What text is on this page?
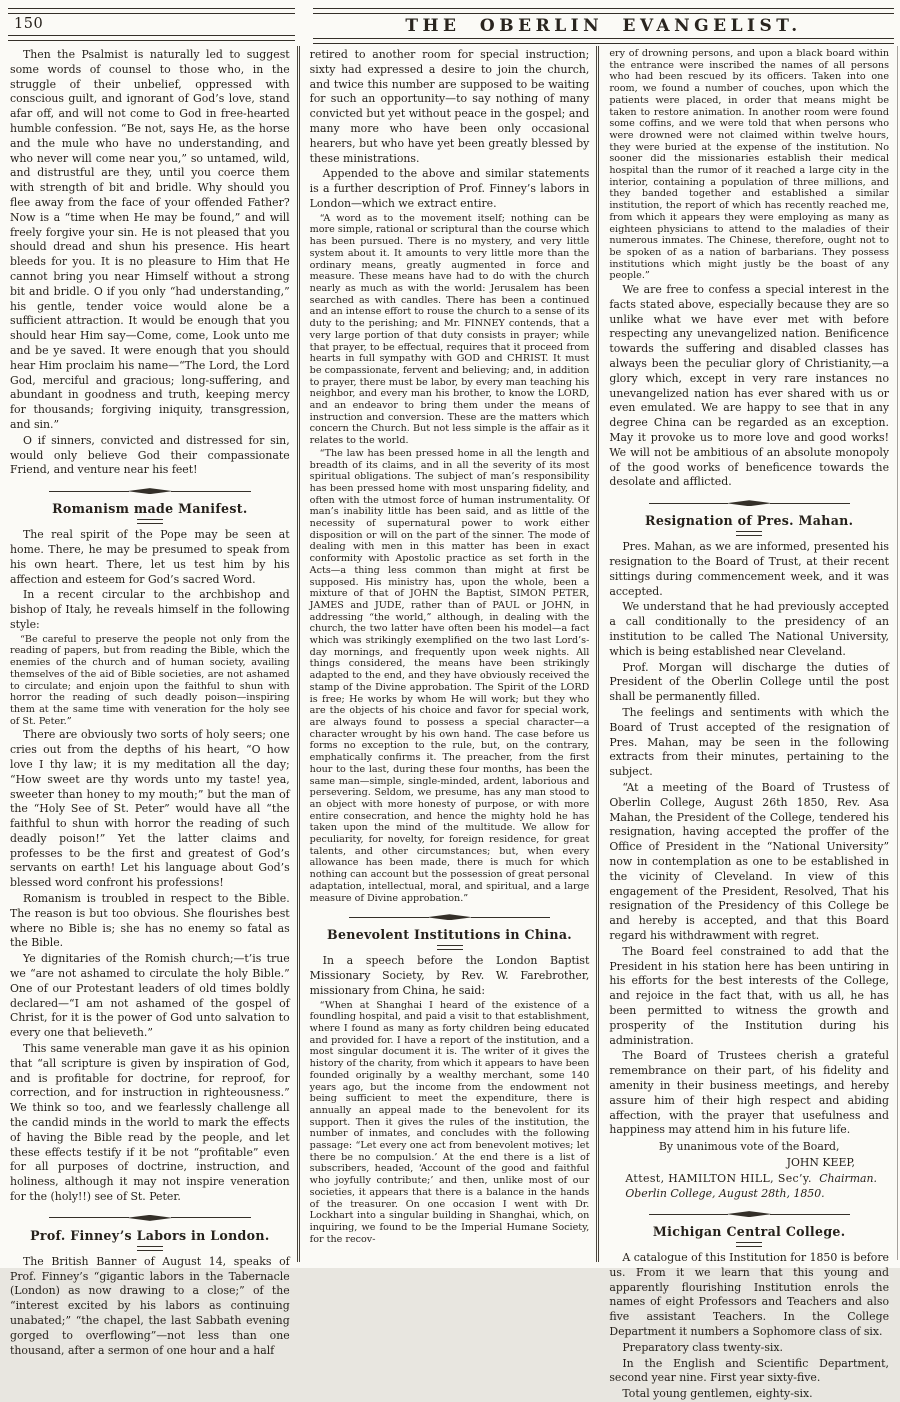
150	THE OBERLIN EVANGELIST.

Then the Psalmist is naturally led to suggest some words of counsel to those who, in the struggle of their unbelief, oppressed with conscious guilt, and ignorant of God’s love, stand afar off, and will not come to God in free-hearted humble confession. “Be not, says He, as the horse and the mule who have no understanding, and who never will come near you,” so untamed, wild, and distrustful are they, until you coerce them with strength of bit and bridle. Why should you flee away from the face of your offended Father? Now is a “time when He may be found,” and will freely forgive your sin. He is not pleased that you should dread and shun his presence. His heart bleeds for you. It is no pleasure to Him that He cannot bring you near Himself without a strong bit and bridle. O if you only “had understanding,” his gentle, tender voice would alone be a sufficient attraction. It would be enough that you should hear Him say—Come, come, Look unto me and be ye saved. It were enough that you should hear Him proclaim his name—“The Lord, the Lord God, merciful and gracious; long-suffering, and abundant in goodness and truth, keeping mercy for thousands; forgiving iniquity, transgression, and sin.”

O if sinners, convicted and distressed for sin, would only believe God their compassionate Friend, and venture near his feet!

Romanism made Manifest.

The real spirit of the Pope may be seen at home. There, he may be presumed to speak from his own heart. There, let us test him by his affection and esteem for God’s sacred Word.

In a recent circular to the archbishop and bishop of Italy, he reveals himself in the following style:

“Be careful to preserve the people not only from the reading of papers, but from reading the Bible, which the enemies of the church and of human society, availing themselves of the aid of Bible societies, are not ashamed to circulate; and enjoin upon the faithful to shun with horror the reading of such deadly poison—inspiring them at the same time with veneration for the holy see of St. Peter.”

There are obviously two sorts of holy seers; one cries out from the depths of his heart, “O how love I thy law; it is my meditation all the day; “How sweet are thy words unto my taste! yea, sweeter than honey to my mouth;” but the man of the “Holy See of St. Peter” would have all “the faithful to shun with horror the reading of such deadly poison!” Yet the latter claims and professes to be the first and greatest of God’s servants on earth! Let his language about God’s blessed word confront his professions!

Romanism is troubled in respect to the Bible. The reason is but too obvious. She flourishes best where no Bible is; she has no enemy so fatal as the Bible.

Ye dignitaries of the Romish church;—t’is true we “are not ashamed to circulate the holy Bible.” One of our Protestant leaders of old times boldly declared—“I am not ashamed of the gospel of Christ, for it is the power of God unto salvation to every one that believeth.”

This same venerable man gave it as his opinion that “all scripture is given by inspiration of God, and is profitable for doctrine, for reproof, for correction, and for instruction in righteousness.” We think so too, and we fearlessly challenge all the candid minds in the world to mark the effects of having the Bible read by the people, and let these effects testify if it be not “profitable” even for all purposes of doctrine, instruction, and holiness, although it may not inspire veneration for the (holy!!) see of St. Peter.

Prof. Finney’s Labors in London.

The British Banner of August 14, speaks of Prof. Finney’s “gigantic labors in the Tabernacle (London) as now drawing to a close;” of the “interest excited by his labors as continuing unabated;” “the chapel, the last Sabbath evening gorged to overflowing”—not less than one thousand, after a sermon of one hour and a half

retired to another room for special instruction; sixty had expressed a desire to join the church, and twice this number are supposed to be waiting for such an opportunity—to say nothing of many convicted but yet without peace in the gospel; and many more who have been only occasional hearers, but who have yet been greatly blessed by these ministrations.

Appended to the above and similar statements is a further description of Prof. Finney’s labors in London—which we extract entire.

“A word as to the movement itself; nothing can be more simple, rational or scriptural than the course which has been pursued. There is no mystery, and very little system about it. It amounts to very little more than the ordinary means, greatly augmented in force and measure. These means have had to do with the church nearly as much as with the world: Jerusalem has been searched as with candles. There has been a continued and an intense effort to rouse the church to a sense of its duty to the perishing; and Mr. FINNEY contends, that a very large portion of that duty consists in prayer; while that prayer, to be effectual, requires that it proceed from hearts in full sympathy with GOD and CHRIST. It must be compassionate, fervent and believing; and, in addition to prayer, there must be labor, by every man teaching his neighbor, and every man his brother, to know the LORD, and an endeavor to bring them under the means of instruction and conversion. These are the matters which concern the Church. But not less simple is the affair as it relates to the world.

“The law has been pressed home in all the length and breadth of its claims, and in all the severity of its most spiritual obligations. The subject of man’s responsibility has been pressed home with most unsparing fidelity, and often with the utmost force of human instrumentality. Of man’s inability little has been said, and as little of the necessity of supernatural power to work either disposition or will on the part of the sinner. The mode of dealing with men in this matter has been in exact conformity with Apostolic practice as set forth in the Acts—a thing less common than might at first be supposed. His ministry has, upon the whole, been a mixture of that of JOHN the Baptist, SIMON PETER, JAMES and JUDE, rather than of PAUL or JOHN, in addressing “the world,” although, in dealing with the church, the two latter have often been his model—a fact which was strikingly exemplified on the two last Lord’s-day mornings, and frequently upon week nights. All things considered, the means have been strikingly adapted to the end, and they have obviously received the stamp of the Divine approbation. The Spirit of the LORD is free; He works by whom He will work; but they who are the objects of his choice and favor for special work, are always found to possess a special character—a character wrought by his own hand. The case before us forms no exception to the rule, but, on the contrary, emphatically confirms it. The preacher, from the first hour to the last, during these four months, has been the same man—simple, single-minded, ardent, laborious and persevering. Seldom, we presume, has any man stood to an object with more honesty of purpose, or with more entire consecration, and hence the mighty hold he has taken upon the mind of the multitude. We allow for peculiarity, for novelty, for foreign residence, for great talents, and other circumstances; but, when every allowance has been made, there is much for which nothing can account but the possession of great personal adaptation, intellectual, moral, and spiritual, and a large measure of Divine approbation.”

Benevolent Institutions in China.

In a speech before the London Baptist Missionary Society, by Rev. W. Farebrother, missionary from China, he said:

“When at Shanghai I heard of the existence of a foundling hospital, and paid a visit to that establishment, where I found as many as forty children being educated and provided for. I have a report of the institution, and a most singular document it is. The writer of it gives the history of the charity, from which it appears to have been founded originally by a wealthy merchant, some 140 years ago, but the income from the endowment not being sufficient to meet the expenditure, there is annually an appeal made to the benevolent for its support. Then it gives the rules of the institution, the number of inmates, and concludes with the following passage: “Let every one act from benevolent motives; let there be no compulsion.’ At the end there is a list of subscribers, headed, ‘Account of the good and faithful who joyfully contribute;’ and then, unlike most of our societies, it appears that there is a balance in the hands of the treasurer. On one occasion I went with Dr. Lockhart into a singular building in Shanghai, which, on inquiring, we found to be the Imperial Humane Society, for the recov-

ery of drowning persons, and upon a black board within the entrance were inscribed the names of all persons who had been rescued by its officers. Taken into one room, we found a number of couches, upon which the patients were placed, in order that means might be taken to restore animation. In another room were found some coffins, and we were told that when persons who were drowned were not claimed within twelve hours, they were buried at the expense of the institution. No sooner did the missionaries establish their medical hospital than the rumor of it reached a large city in the interior, containing a population of three millions, and they banded together and established a similar institution, the report of which has recently reached me, from which it appears they were employing as many as eighteen physicians to attend to the maladies of their numerous inmates. The Chinese, therefore, ought not to be spoken of as a nation of barbarians. They possess institutions which might justly be the boast of any people.”

We are free to confess a special interest in the facts stated above, especially because they are so unlike what we have ever met with before respecting any unevangelized nation. Benificence towards the suffering and disabled classes has always been the peculiar glory of Christianity,—a glory which, except in very rare instances no unevangelized nation has ever shared with us or even emulated. We are happy to see that in any degree China can be regarded as an exception. May it provoke us to more love and good works! We will not be ambitious of an absolute monopoly of the good works of beneficence towards the desolate and afflicted.

Resignation of Pres. Mahan.

Pres. Mahan, as we are informed, presented his resignation to the Board of Trust, at their recent sittings during commencement week, and it was accepted.

We understand that he had previously accepted a call conditionally to the presidency of an institution to be called The National University, which is being established near Cleveland.

Prof. Morgan will discharge the duties of President of the Oberlin College until the post shall be permanently filled.

The feelings and sentiments with which the Board of Trust accepted of the resignation of Pres. Mahan, may be seen in the following extracts from their minutes, pertaining to the subject.

“At a meeting of the Board of Trustess of Oberlin College, August 26th 1850, Rev. Asa Mahan, the President of the College, tendered his resignation, having accepted the proffer of the Office of President in the “National University” now in contemplation as one to be established in the vicinity of Cleveland. In view of this engagement of the President, Resolved, That his resignation of the Presidency of this College be and hereby is accepted, and that this Board regard his withdrawment with regret.

The Board feel constrained to add that the President in his station here has been untiring in his efforts for the best interests of the College, and rejoice in the fact that, with us all, he has been permitted to witness the growth and prosperity of the Institution during his administration.

The Board of Trustees cherish a grateful remembrance on their part, of his fidelity and amenity in their business meetings, and hereby assure him of their high respect and abiding affection, with the prayer that usefulness and happiness may attend him in his future life.

By unanimous vote of the Board,

JOHN KEEP,

Attest, HAMILTON HILL, Sec’y. Chairman.

Oberlin College, August 28th, 1850.

Michigan Central College.

A catalogue of this Institution for 1850 is before us. From it we learn that this young and apparently flourishing Institution enrols the names of eight Professors and Teachers and also five assistant Teachers. In the College Department it numbers a Sophomore class of six.

Preparatory class twenty-six.

In the English and Scientific Department, second year nine. First year sixty-five.

Total young gentlemen, eighty-six.
